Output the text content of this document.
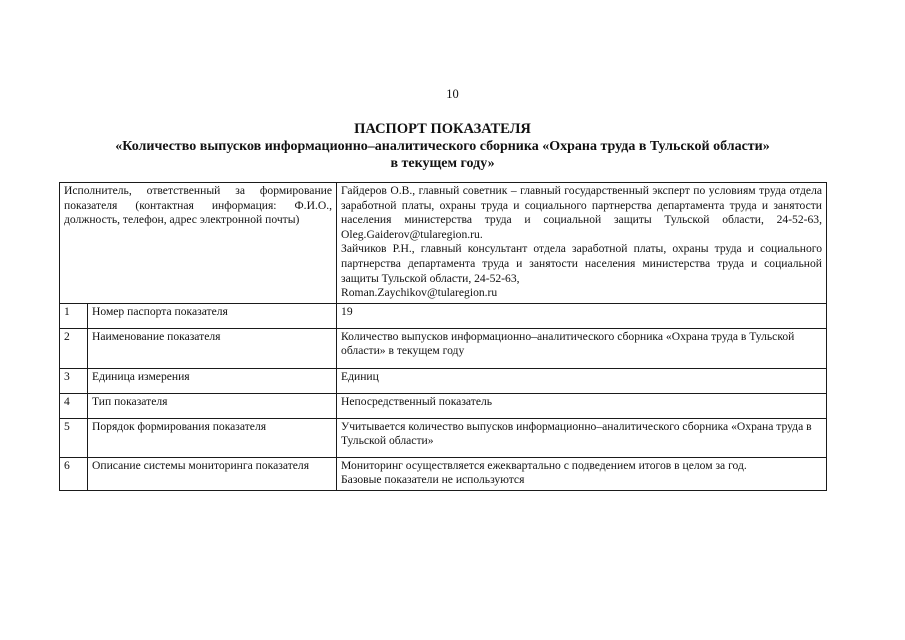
10
ПАСПОРТ ПОКАЗАТЕЛЯ
«Количество выпусков информационно–аналитического сборника «Охрана труда в Тульской области»
в текущем году»
Исполнитель, ответственный за формирование показателя (контактная информация: Ф.И.О., должность, телефон, адрес электронной почты)		Гайдеров О.В., главный советник – главный государственный эксперт по условиям труда отдела заработной платы, охраны труда и социального партнерства департамента труда и занятости населения министерства труда и социальной защиты Тульской области, 24-52-63, Oleg.Gaiderov@tularegion.ru.
Зайчиков Р.Н., главный консультант отдела заработной платы, охраны труда и социального партнерства департамента труда и занятости населения министерства труда и социальной защиты Тульской области, 24-52-63,
Roman.Zaychikov@tularegion.ru

1	Номер паспорта показателя	19
2	Наименование показателя	Количество выпусков информационно–аналитического сборника «Охрана труда в Тульской области» в текущем году
3	Единица измерения	Единиц
4	Тип показателя	Непосредственный показатель
5	Порядок формирования показателя	Учитывается количество выпусков информационно–аналитического сборника «Охрана труда в Тульской области»
6	Описание системы мониторинга показателя	Мониторинг осуществляется ежеквартально с подведением итогов в целом за год.
Базовые показатели не используются
